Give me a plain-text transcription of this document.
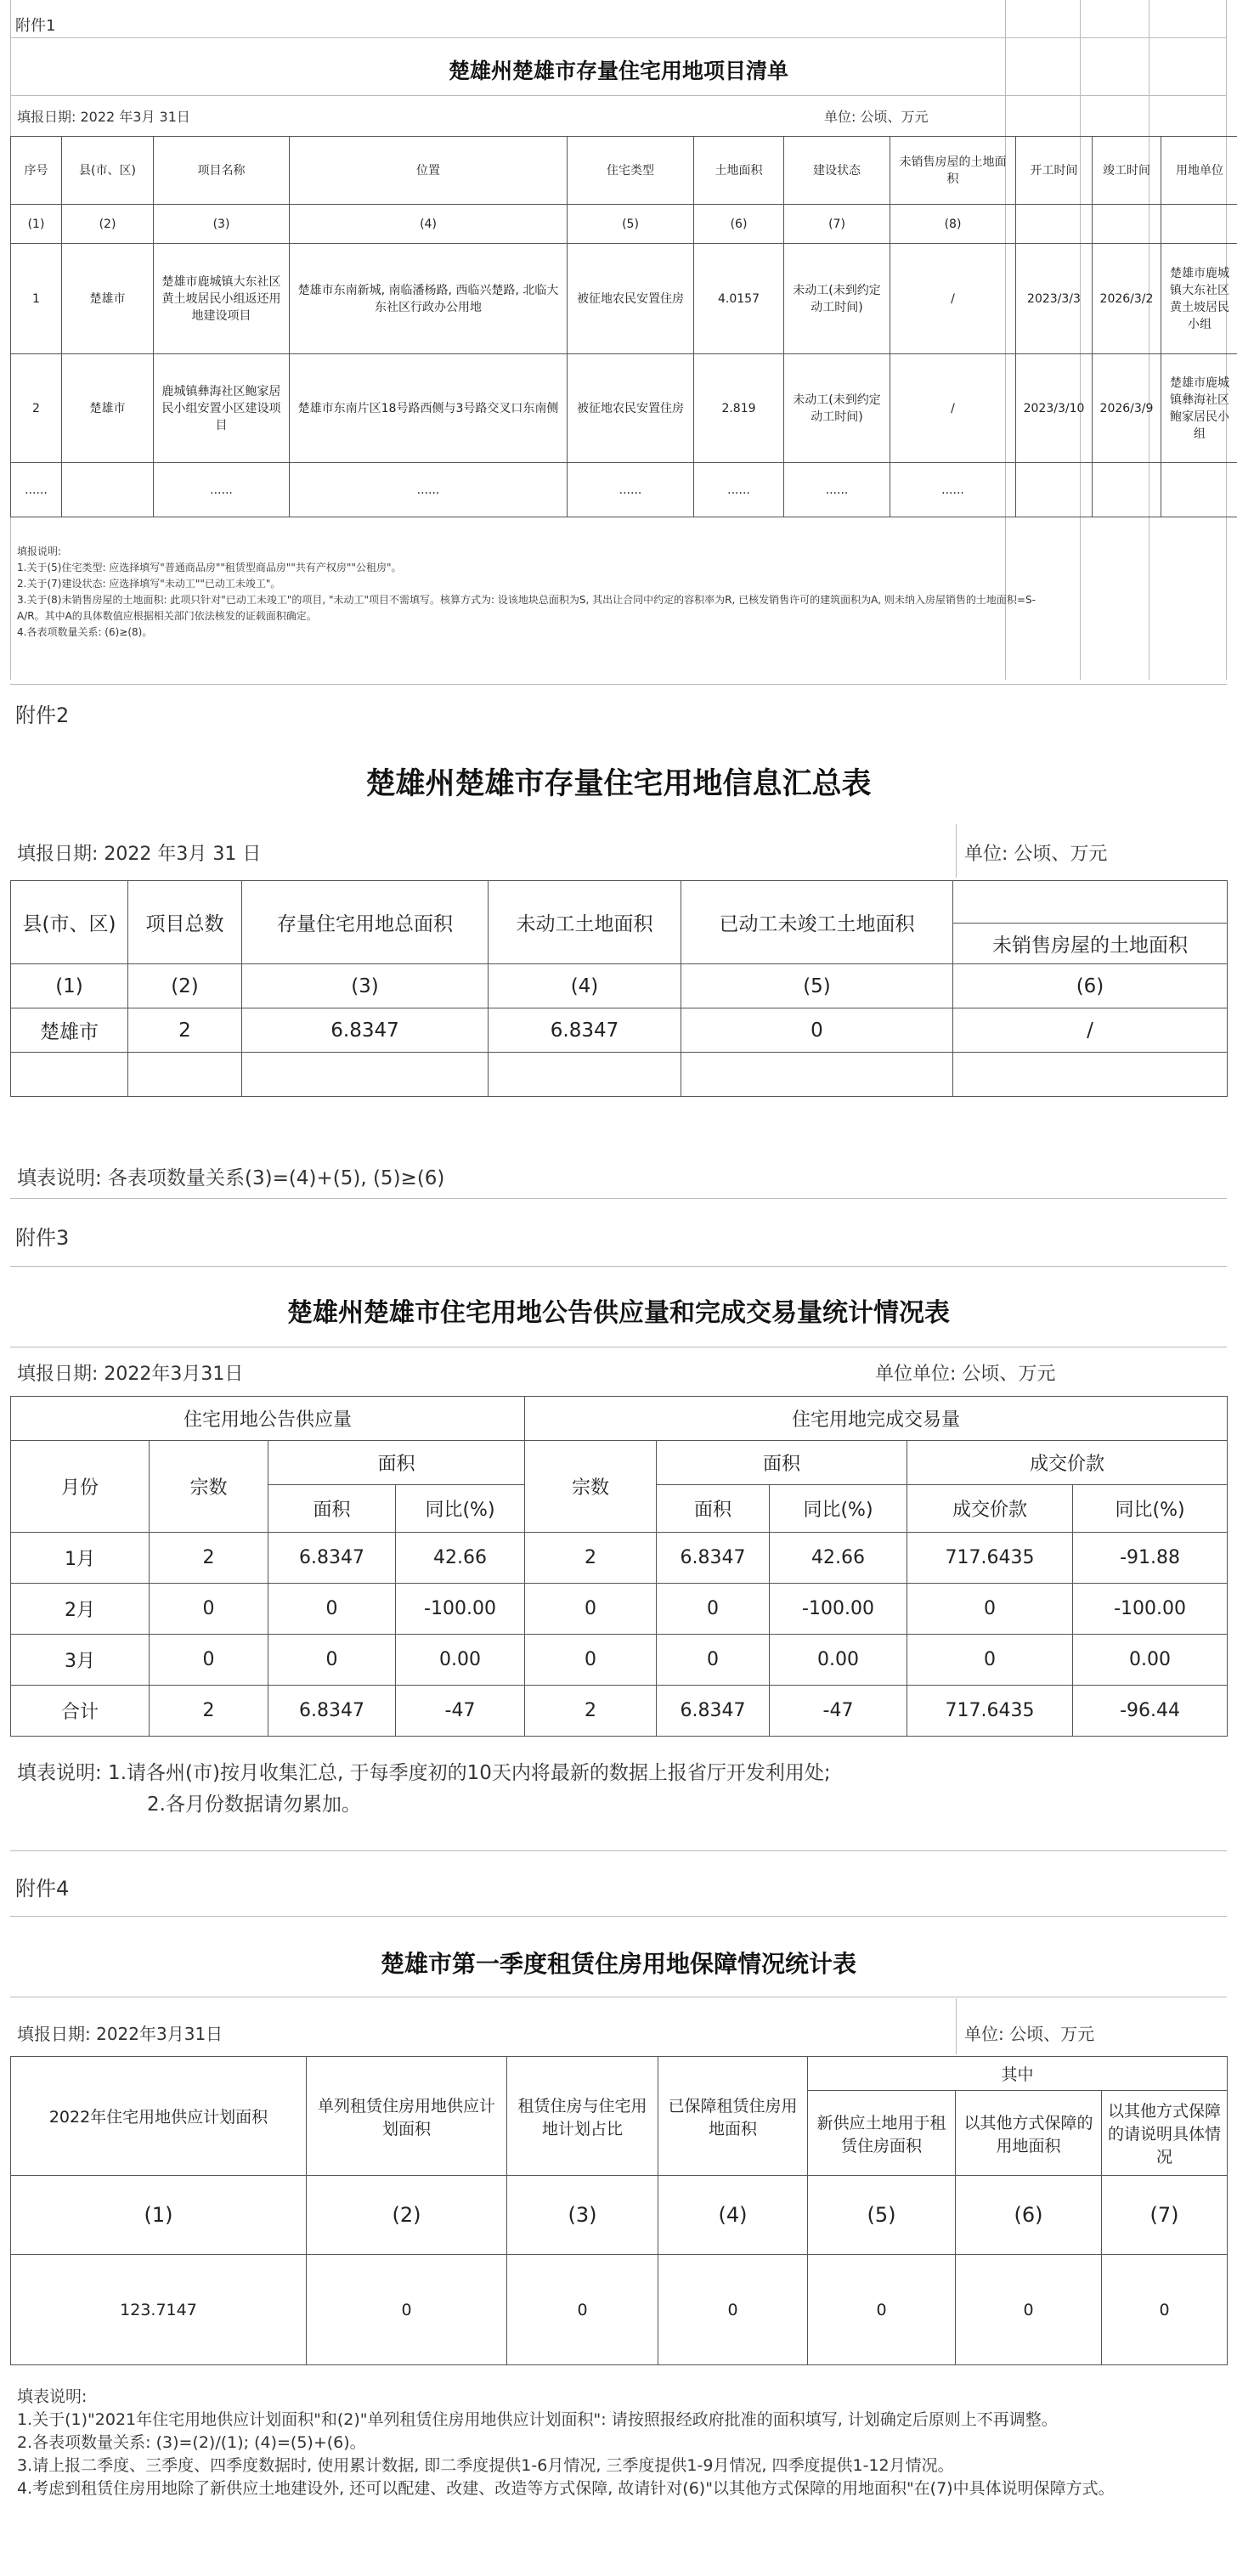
附件1
楚雄州楚雄市存量住宅用地项目清单
填报日期: 2022 年3月 31日	单位: 公顷、万元
序号	县(市、区)	项目名称	位置	住宅类型	土地面积	建设状态	未销售房屋的土地面积	开工时间	竣工时间	用地单位
(1)	(2)	(3)	(4)	(5)	(6)	(7)	(8)			
1	楚雄市	楚雄市鹿城镇大东社区黄土坡居民小组返还用地建设项目	楚雄市东南新城, 南临潘杨路, 西临兴楚路, 北临大东社区行政办公用地	被征地农民安置住房	4.0157	未动工(未到约定动工时间)	/	2023/3/3	2026/3/2	楚雄市鹿城镇大东社区黄土坡居民小组
2	楚雄市	鹿城镇彝海社区鲍家居民小组安置小区建设项目	楚雄市东南片区18号路西侧与3号路交叉口东南侧	被征地农民安置住房	2.819	未动工(未到约定动工时间)	/	2023/3/10	2026/3/9	楚雄市鹿城镇彝海社区鲍家居民小组
......		......	......	......	......	......	......			
填报说明:
1.关于(5)住宅类型: 应选择填写"普通商品房""租赁型商品房""共有产权房""公租房"。
2.关于(7)建设状态: 应选择填写"未动工""已动工未竣工"。
3.关于(8)未销售房屋的土地面积: 此项只针对"已动工未竣工"的项目, "未动工"项目不需填写。核算方式为: 设该地块总面积为S, 其出让合同中约定的容积率为R, 已核发销售许可的建筑面积为A, 则未纳入房屋销售的土地面积=S-A/R。其中A的具体数值应根据相关部门依法核发的证载面积确定。
4.各表项数量关系: (6)≥(8)。
附件2
楚雄州楚雄市存量住宅用地信息汇总表
填报日期: 2022 年3月 31 日	单位: 公顷、万元
县(市、区)	项目总数	存量住宅用地总面积	未动工土地面积	已动工未竣工土地面积	
					未销售房屋的土地面积
(1)	(2)	(3)	(4)	(5)	(6)
楚雄市	2	6.8347	6.8347	0	/

填表说明: 各表项数量关系(3)=(4)+(5), (5)≥(6)
附件3
楚雄州楚雄市住宅用地公告供应量和完成交易量统计情况表
填报日期: 2022年3月31日	单位单位: 公顷、万元
住宅用地公告供应量				住宅用地完成交易量				
月份	宗数	面积		宗数	面积		成交价款	
		面积	同比(%)		面积	同比(%)	成交价款	同比(%)
1月	2	6.8347	42.66	2	6.8347	42.66	717.6435	-91.88
2月	0	0	-100.00	0	0	-100.00	0	-100.00
3月	0	0	0.00	0	0	0.00	0	0.00
合计	2	6.8347	-47	2	6.8347	-47	717.6435	-96.44
填表说明: 1.请各州(市)按月收集汇总, 于每季度初的10天内将最新的数据上报省厅开发利用处;
2.各月份数据请勿累加。
附件4
楚雄市第一季度租赁住房用地保障情况统计表
填报日期: 2022年3月31日	单位: 公顷、万元
2022年住宅用地供应计划面积	单列租赁住房用地供应计划面积	租赁住房与住宅用地计划占比	已保障租赁住房用地面积	其中		
				新供应土地用于租赁住房面积	以其他方式保障的用地面积	以其他方式保障的请说明具体情况
(1)	(2)	(3)	(4)	(5)	(6)	(7)
123.7147	0	0	0	0	0	0
填表说明:
1.关于(1)"2021年住宅用地供应计划面积"和(2)"单列租赁住房用地供应计划面积": 请按照报经政府批准的面积填写, 计划确定后原则上不再调整。
2.各表项数量关系: (3)=(2)/(1); (4)=(5)+(6)。
3.请上报二季度、三季度、四季度数据时, 使用累计数据, 即二季度提供1-6月情况, 三季度提供1-9月情况, 四季度提供1-12月情况。
4.考虑到租赁住房用地除了新供应土地建设外, 还可以配建、改建、改造等方式保障, 故请针对(6)"以其他方式保障的用地面积"在(7)中具体说明保障方式。
